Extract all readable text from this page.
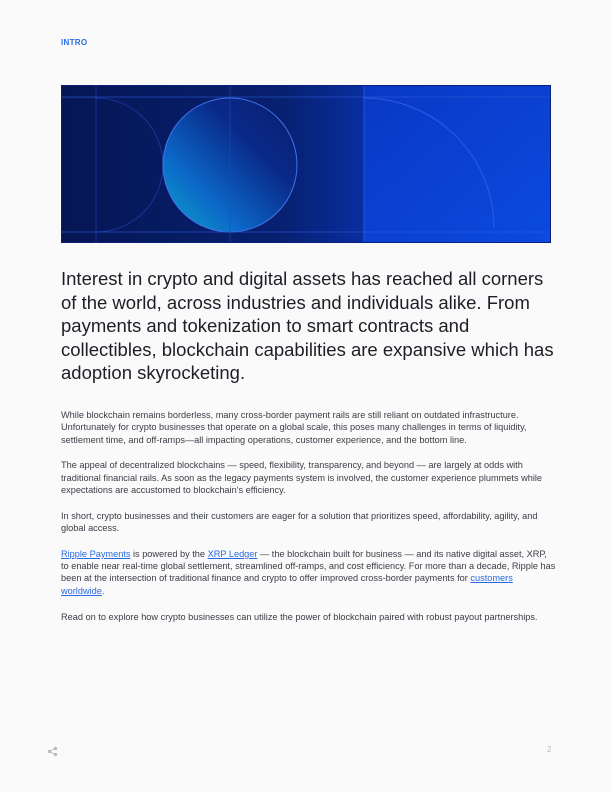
INTRO

Interest in crypto and digital assets has reached all corners of the world, across industries and individuals alike. From payments and tokenization to smart contracts and collectibles, blockchain capabilities are expansive which has adoption skyrocketing.

While blockchain remains borderless, many cross-border payment rails are still reliant on outdated infrastructure. Unfortunately for crypto businesses that operate on a global scale, this poses many challenges in terms of liquidity, settlement time, and off-ramps—all impacting operations, customer experience, and the bottom line.

The appeal of decentralized blockchains — speed, flexibility, transparency, and beyond — are largely at odds with traditional financial rails. As soon as the legacy payments system is involved, the customer experience plummets while expectations are accustomed to blockchain's efficiency.

In short, crypto businesses and their customers are eager for a solution that prioritizes speed, affordability, agility, and global access.

Ripple Payments is powered by the XRP Ledger — the blockchain built for business — and its native digital asset, XRP, to enable near real-time global settlement, streamlined off-ramps, and cost efficiency. For more than a decade, Ripple has been at the intersection of traditional finance and crypto to offer improved cross-border payments for customers worldwide.

Read on to explore how crypto businesses can utilize the power of blockchain paired with robust payout partnerships.

2
